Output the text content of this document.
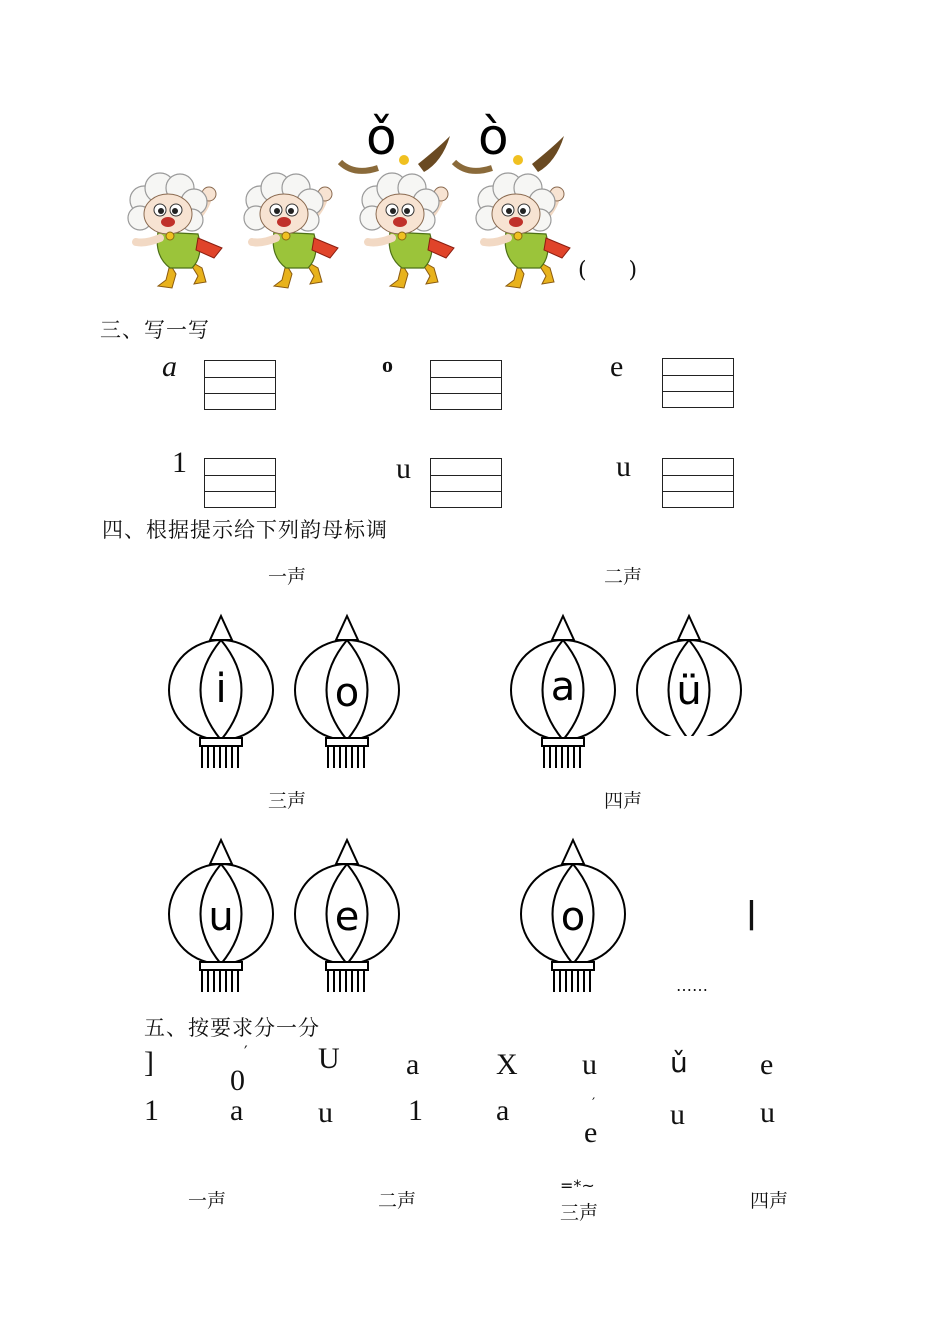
ǒ ò
(      )
三、写一写
a	o	e
1	u	u
四、根据提示给下列韵母标调
一声	二声
三声	四声
i	o	a	ü
u	e	o	|
……
五、按要求分一分
]
0
′ U a	X u	ǔ e
1 a u	1 a	′
e
u	u
一声	二声
=*~
三声
四声
